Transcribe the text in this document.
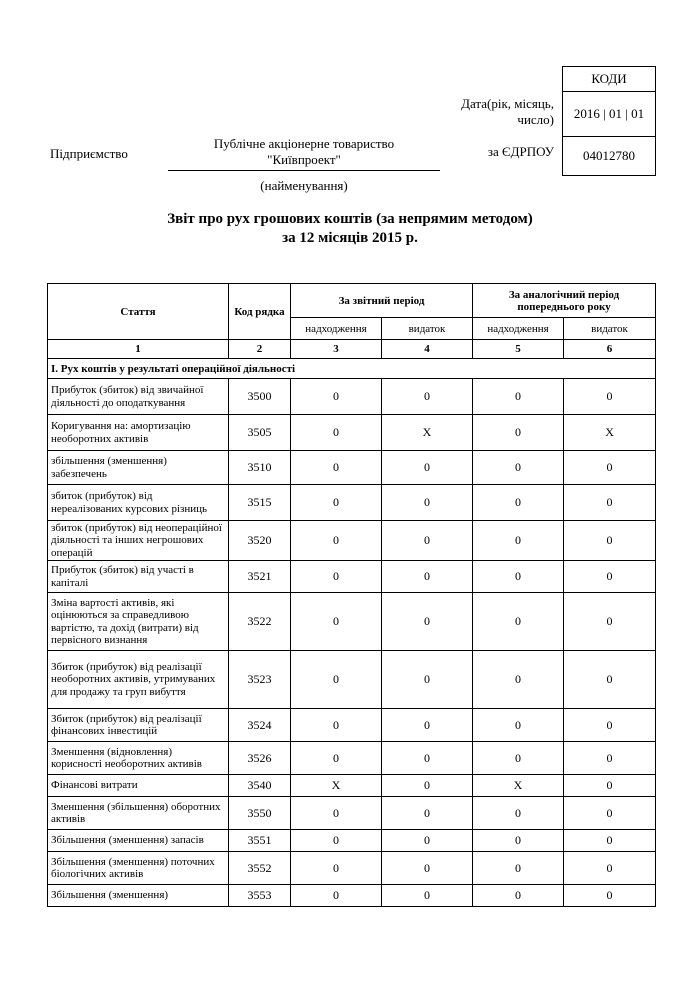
КОДИ
2016 | 01 | 01
04012780
Дата(рік, місяць,
число)
за ЄДРПОУ
Підприємство
Публічне акціонерне товариство
"Київпроект"
(найменування)
Звіт про рух грошових коштів (за непрямим методом)
за 12 місяців 2015 р.
Стаття	Код рядка	За звітний період		За аналогічний період попереднього року	
		надходження	видаток	надходження	видаток
1	2	3	4	5	6
I. Рух коштів у результаті операційної діяльності					
Прибуток (збиток) від звичайної діяльності до оподаткування	3500	0	0	0	0
Коригування на: амортизацію необоротних активів	3505	0	X	0	X
збільшення (зменшення) забезпечень	3510	0	0	0	0
збиток (прибуток) від нереалізованих курсових різниць	3515	0	0	0	0
збиток (прибуток) від неопераційної діяльності та інших негрошових операцій	3520	0	0	0	0
Прибуток (збиток) від участі в капіталі	3521	0	0	0	0
Зміна вартості активів, які оцінюються за справедливою вартістю, та дохід (витрати) від первісного визнання	3522	0	0	0	0
Збиток (прибуток) від реалізації необоротних активів, утримуваних для продажу та груп вибуття	3523	0	0	0	0
Збиток (прибуток) від реалізації фінансових інвестицій	3524	0	0	0	0
Зменшення (відновлення) корисності необоротних активів	3526	0	0	0	0
Фінансові витрати	3540	X	0	X	0
Зменшення (збільшення) оборотних активів	3550	0	0	0	0
Збільшення (зменшення) запасів	3551	0	0	0	0
Збільшення (зменшення) поточних біологічних активів	3552	0	0	0	0
Збільшення (зменшення)	3553	0	0	0	0
